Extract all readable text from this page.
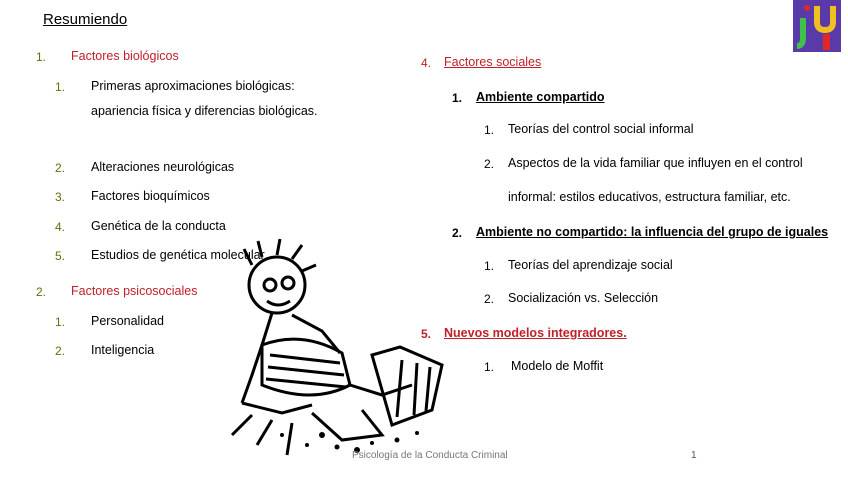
Resumiendo
1. Factores biológicos
1. Primeras aproximaciones biológicas: apariencia física y diferencias biológicas.
2. Alteraciones neurológicas
3. Factores bioquímicos
4. Genética de la conducta
5. Estudios de genética molecular
2. Factores psicosociales
1. Personalidad
2. Inteligencia
4. Factores sociales
1. Ambiente compartido
1. Teorías del control social informal
2. Aspectos de la vida familiar que influyen en el control
informal: estilos educativos, estructura familiar, etc.
2. Ambiente no compartido: la influencia del grupo de iguales
1. Teorías del aprendizaje social
2. Socialización vs. Selección
5. Nuevos modelos integradores.
1. Modelo de Moffit
Psicología de la Conducta Criminal	1
